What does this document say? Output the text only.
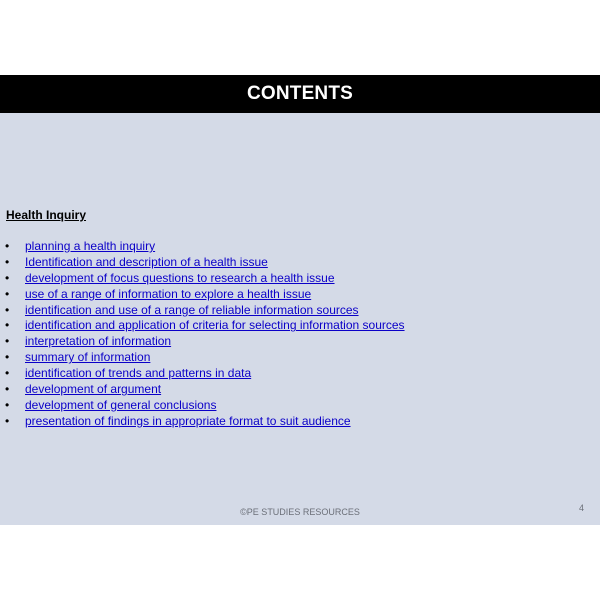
CONTENTS
Health Inquiry
• planning a health inquiry
• Identification and description of a health issue
• development of focus questions to research a health issue
• use of a range of information to explore a health issue
• identification and use of a range of reliable information sources
• identification and application of criteria for selecting information sources
• interpretation of information
• summary of information
• identification of trends and patterns in data
• development of argument
• development of general conclusions
• presentation of findings in appropriate format to suit audience
©PE STUDIES RESOURCES	4
